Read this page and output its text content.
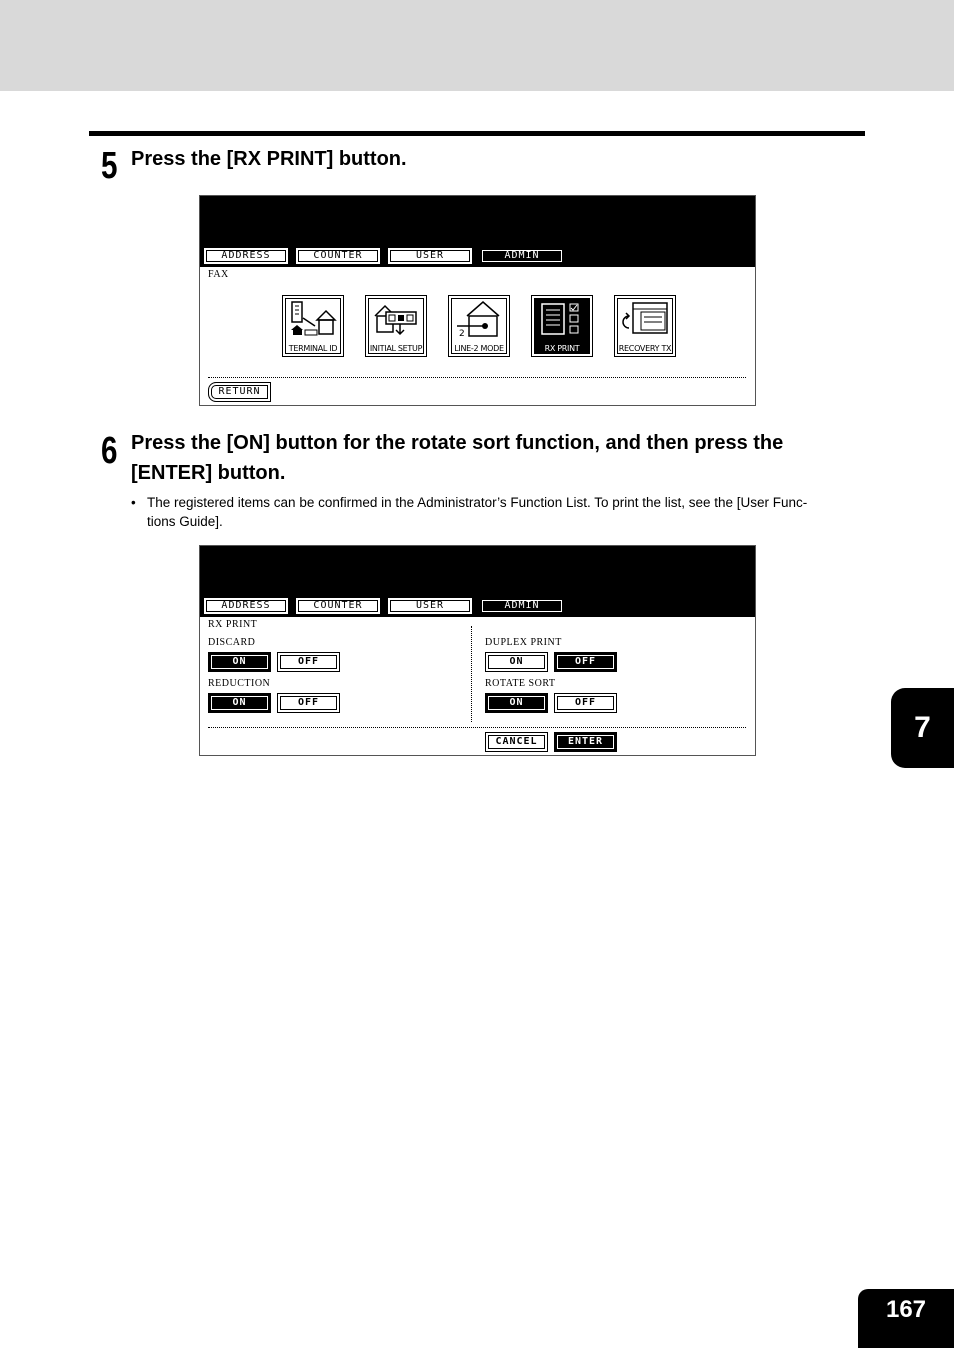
5 Press the [RX PRINT] button.
ADDRESS	COUNTER	USER	ADMIN
FAX
TERMINAL ID	INITIAL SETUP
2
LINE-2 MODE	RX PRINT	RECOVERY TX
RETURN
6 Press the [ON] button for the rotate sort function, and then press the
[ENTER] button.
• The registered items can be confirmed in the Administrator’s Function List. To print the list, see the [User Func-
tions Guide].
ADDRESS	COUNTER	USER	ADMIN
RX PRINT
DISCARD
ON	OFF
REDUCTION
ON	OFF
DUPLEX PRINT
ON	OFF
ROTATE SORT
ON	OFF
CANCEL	ENTER	7
167
